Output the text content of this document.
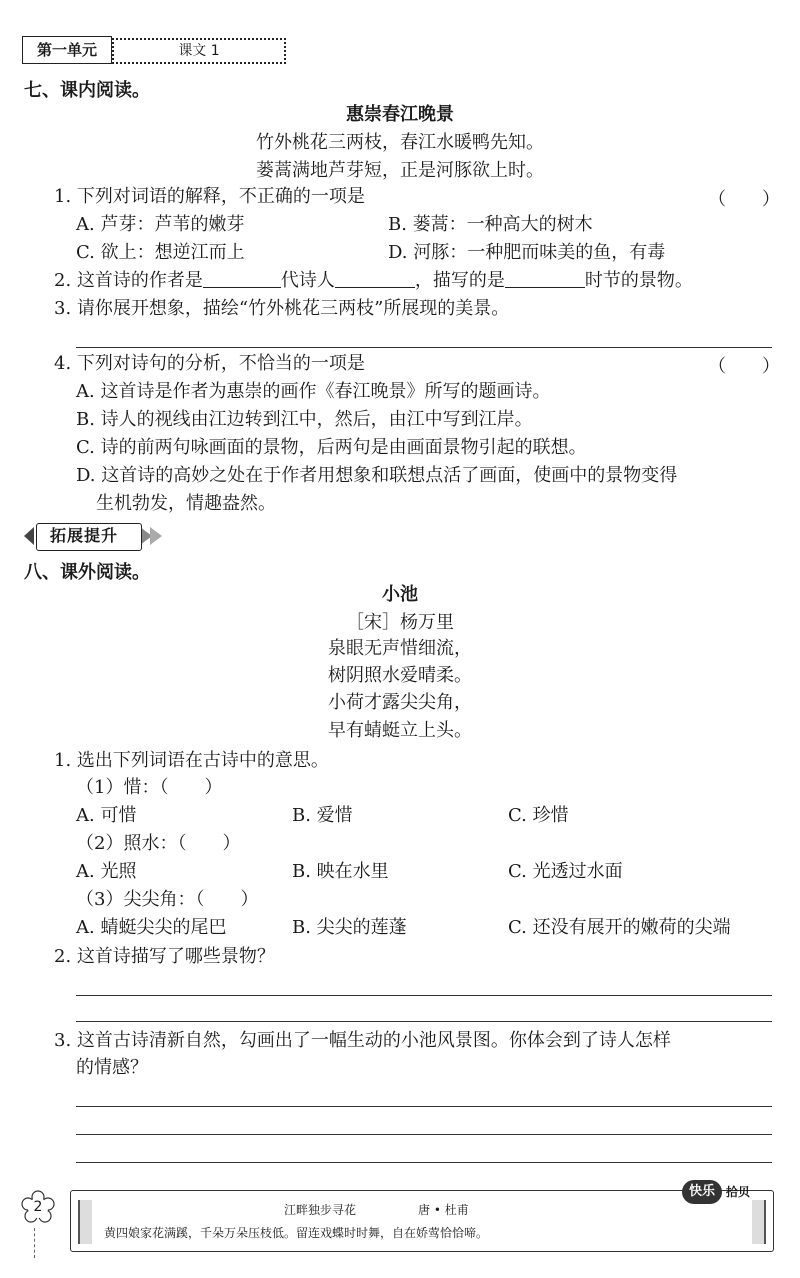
第一单元	课文 1
七、课内阅读。
惠崇春江晚景
竹外桃花三两枝，春江水暖鸭先知。
蒌蒿满地芦芽短，正是河豚欲上时。
1. 下列对词语的解释，不正确的一项是	（　　）
A. 芦芽：芦苇的嫩芽	B. 蒌蒿：一种高大的树木
C. 欲上：想逆江而上	D. 河豚：一种肥而味美的鱼，有毒
2. 这首诗的作者是	代诗人	，描写的是	时节的景物。
3. 请你展开想象，描绘“竹外桃花三两枝”所展现的美景。
4. 下列对诗句的分析，不恰当的一项是	（　　）
A. 这首诗是作者为惠崇的画作《春江晚景》所写的题画诗。
B. 诗人的视线由江边转到江中，然后，由江中写到江岸。
C. 诗的前两句咏画面的景物，后两句是由画面景物引起的联想。
D. 这首诗的高妙之处在于作者用想象和联想点活了画面，使画中的景物变得
生机勃发，情趣盎然。
拓展提升
八、课外阅读。
小池
［宋］杨万里
泉眼无声惜细流，
树阴照水爱晴柔。
小荷才露尖尖角，
早有蜻蜓立上头。
1. 选出下列词语在古诗中的意思。
（1）惜：（　　）
A. 可惜	B. 爱惜	C. 珍惜
（2）照水：（　　）
A. 光照	B. 映在水里	C. 光透过水面
（3）尖尖角：（　　）
A. 蜻蜓尖尖的尾巴	B. 尖尖的莲蓬	C. 还没有展开的嫩荷的尖端
2. 这首诗描写了哪些景物？
3. 这首古诗清新自然，勾画出了一幅生动的小池风景图。你体会到了诗人怎样
的情感？
2	江畔独步寻花	唐 • 杜甫
黄四娘家花满蹊，千朵万朵压枝低。留连戏蝶时时舞，自在娇莺恰恰啼。
快乐 拾贝
